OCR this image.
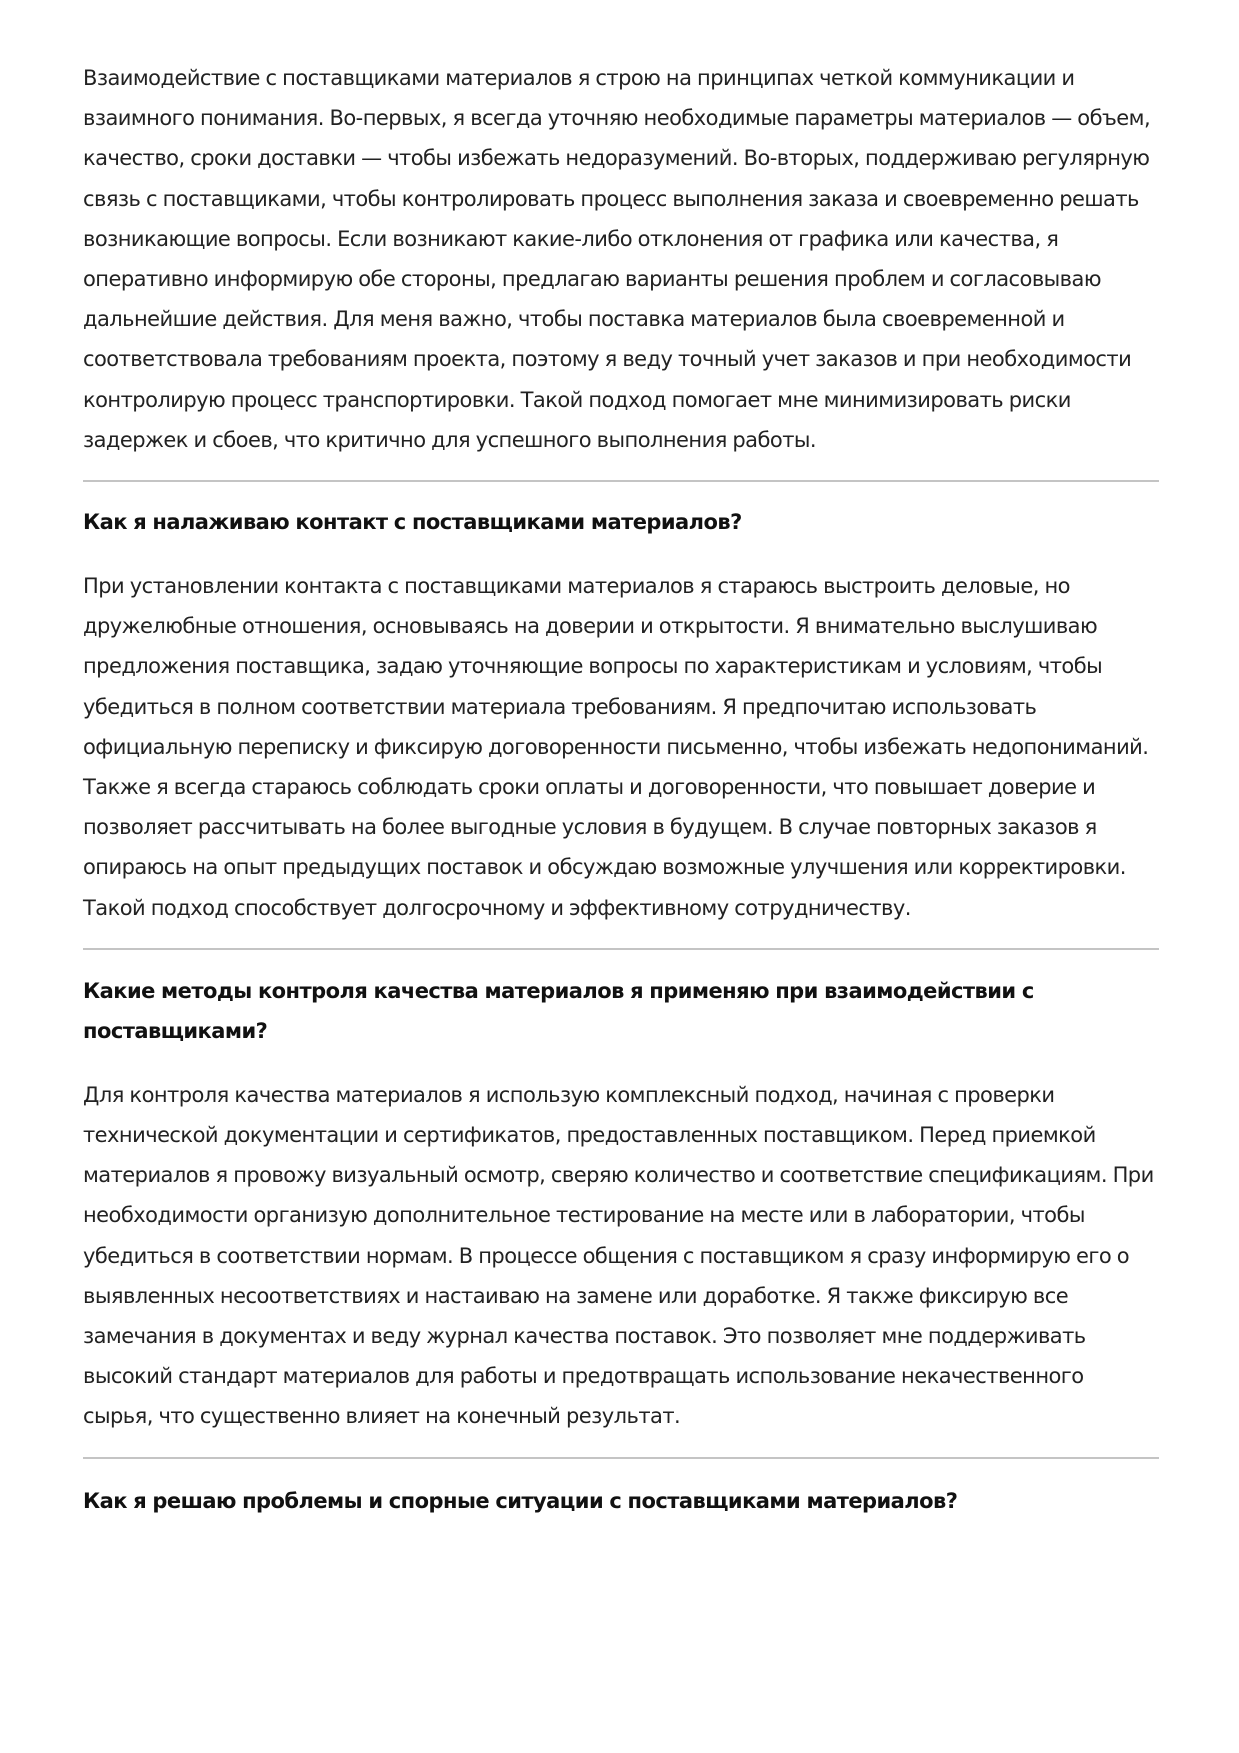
Взаимодействие с поставщиками материалов я строю на принципах четкой коммуникации и взаимного понимания. Во-первых, я всегда уточняю необходимые параметры материалов — объем, качество, сроки доставки — чтобы избежать недоразумений. Во-вторых, поддерживаю регулярную связь с поставщиками, чтобы контролировать процесс выполнения заказа и своевременно решать возникающие вопросы. Если возникают какие-либо отклонения от графика или качества, я оперативно информирую обе стороны, предлагаю варианты решения проблем и согласовываю дальнейшие действия. Для меня важно, чтобы поставка материалов была своевременной и соответствовала требованиям проекта, поэтому я веду точный учет заказов и при необходимости контролирую процесс транспортировки. Такой подход помогает мне минимизировать риски задержек и сбоев, что критично для успешного выполнения работы.

Как я налаживаю контакт с поставщиками материалов?

При установлении контакта с поставщиками материалов я стараюсь выстроить деловые, но дружелюбные отношения, основываясь на доверии и открытости. Я внимательно выслушиваю предложения поставщика, задаю уточняющие вопросы по характеристикам и условиям, чтобы убедиться в полном соответствии материала требованиям. Я предпочитаю использовать официальную переписку и фиксирую договоренности письменно, чтобы избежать недопониманий. Также я всегда стараюсь соблюдать сроки оплаты и договоренности, что повышает доверие и позволяет рассчитывать на более выгодные условия в будущем. В случае повторных заказов я опираюсь на опыт предыдущих поставок и обсуждаю возможные улучшения или корректировки. Такой подход способствует долгосрочному и эффективному сотрудничеству.

Какие методы контроля качества материалов я применяю при взаимодействии с поставщиками?

Для контроля качества материалов я использую комплексный подход, начиная с проверки технической документации и сертификатов, предоставленных поставщиком. Перед приемкой материалов я провожу визуальный осмотр, сверяю количество и соответствие спецификациям. При необходимости организую дополнительное тестирование на месте или в лаборатории, чтобы убедиться в соответствии нормам. В процессе общения с поставщиком я сразу информирую его о выявленных несоответствиях и настаиваю на замене или доработке. Я также фиксирую все замечания в документах и веду журнал качества поставок. Это позволяет мне поддерживать высокий стандарт материалов для работы и предотвращать использование некачественного сырья, что существенно влияет на конечный результат.

Как я решаю проблемы и спорные ситуации с поставщиками материалов?
